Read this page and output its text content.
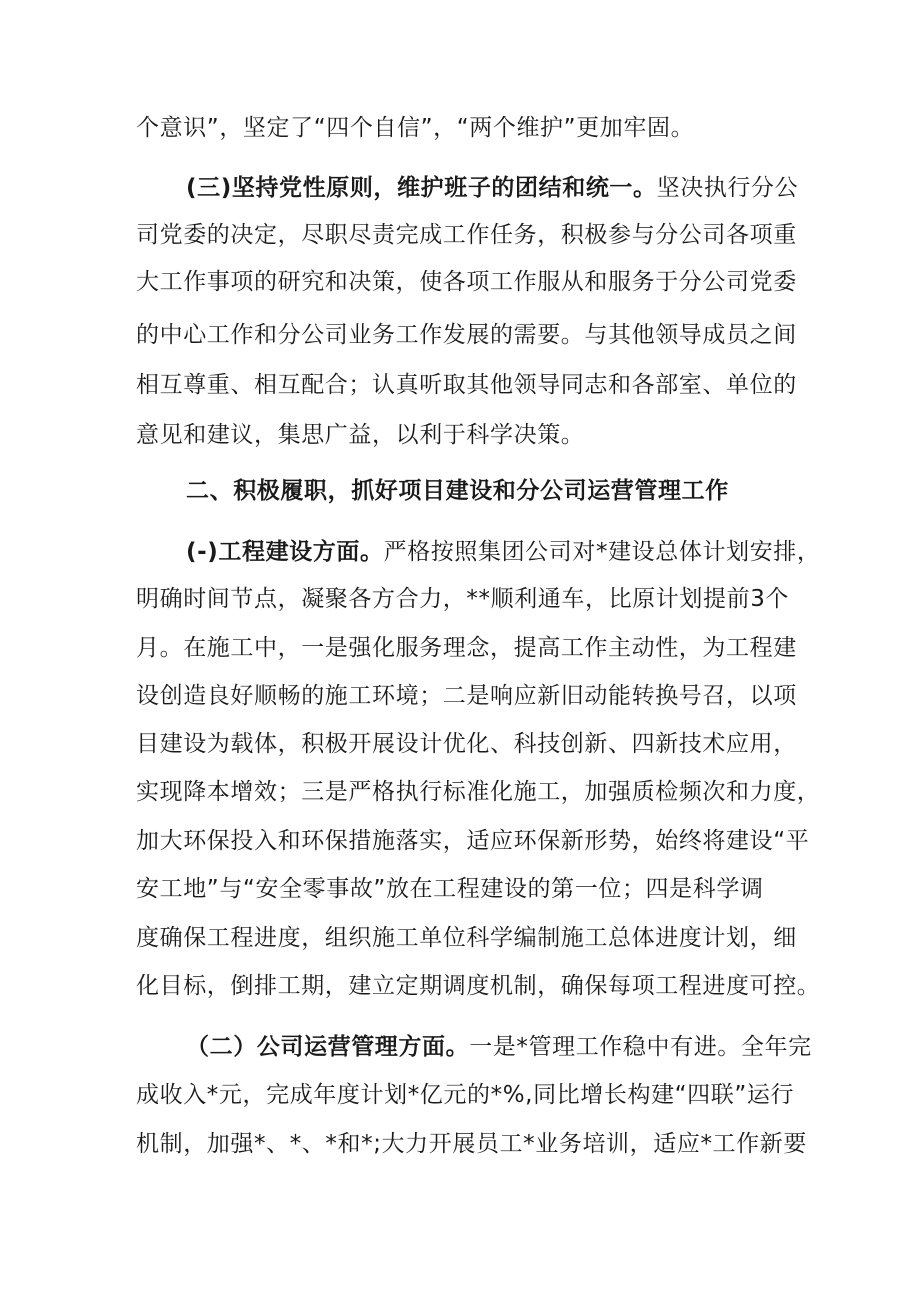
个意识”，坚定了“四个自信”，“两个维护”更加牢固。
(三)坚持党性原则，维护班子的团结和统一。坚决执行分公
司党委的决定，尽职尽责完成工作任务，积极参与分公司各项重
大工作事项的研究和决策，使各项工作服从和服务于分公司党委
的中心工作和分公司业务工作发展的需要。与其他领导成员之间
相互尊重、相互配合；认真听取其他领导同志和各部室、单位的
意见和建议，集思广益，以利于科学决策。
二、积极履职，抓好项目建设和分公司运营管理工作
(-)工程建设方面。严格按照集团公司对*建设总体计划安排，
明确时间节点，凝聚各方合力，**顺利通车，比原计划提前3个
月。在施工中，一是强化服务理念，提高工作主动性，为工程建
设创造良好顺畅的施工环境；二是响应新旧动能转换号召，以项
目建设为载体，积极开展设计优化、科技创新、四新技术应用，
实现降本增效；三是严格执行标准化施工，加强质检频次和力度，
加大环保投入和环保措施落实，适应环保新形势，始终将建设“平
安工地”与“安全零事故”放在工程建设的第一位；四是科学调
度确保工程进度，组织施工单位科学编制施工总体进度计划，细
化目标，倒排工期，建立定期调度机制，确保每项工程进度可控。
（二）公司运营管理方面。一是*管理工作稳中有进。全年完
成收入*元，完成年度计划*亿元的*%,同比增长构建“四联”运行
机制，加强*、*、*和*;大力开展员工*业务培训，适应*工作新要
